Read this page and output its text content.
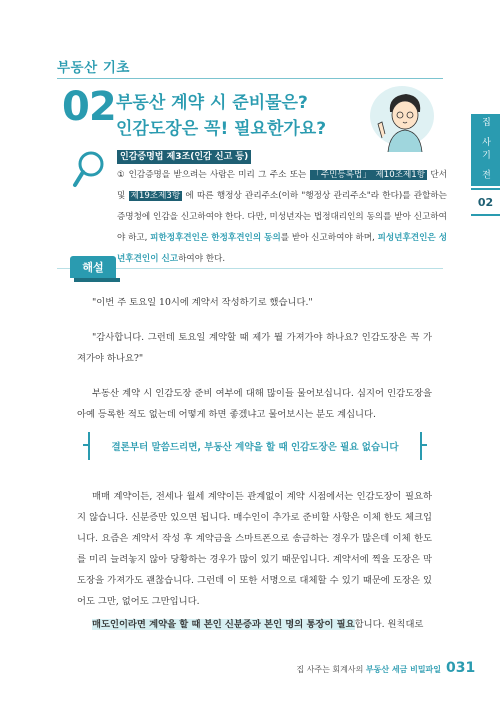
부동산 기초
02 부동산 계약 시 준비물은?
인감도장은 꼭! 필요한가요?
인감증명법 제3조(인감 신고 등)
① 인감증명을 받으려는 사람은 미리 그 주소 또는 「주민등록법」 제10조제1항 단서 및 제19조제3항 에 따른 행정상 관리주소(이하 "행정상 관리주소"라 한다)를 관할하는 증명청에 인감을 신고하여야 한다. 다만, 미성년자는 법정대리인의 동의를 받아 신고하여야 하고, 피한정후견인은 한정후견인의 동의를 받아 신고하여야 하며, 피성년후견인은 성년후견인이 신고하여야 한다.
집 사기 전
02
해설

"이번 주 토요일 10시에 계약서 작성하기로 했습니다."

"감사합니다. 그런데 토요일 계약할 때 제가 뭘 가져가야 하나요? 인감도장은 꼭 가져가야 하나요?"

부동산 계약 시 인감도장 준비 여부에 대해 많이들 물어보십니다. 심지어 인감도장을 아예 등록한 적도 없는데 어떻게 하면 좋겠냐고 물어보시는 분도 계십니다.

결론부터 말씀드리면, 부동산 계약을 할 때 인감도장은 필요 없습니다

매매 계약이든, 전세나 월세 계약이든 관계없이 계약 시점에서는 인감도장이 필요하지 않습니다. 신분증만 있으면 됩니다. 매수인이 추가로 준비할 사항은 이체 한도 체크입니다. 요즘은 계약서 작성 후 계약금을 스마트폰으로 송금하는 경우가 많은데 이체 한도를 미리 늘려놓지 않아 당황하는 경우가 많이 있기 때문입니다. 계약서에 찍을 도장은 막도장을 가져가도 괜찮습니다. 그런데 이 또한 서명으로 대체할 수 있기 때문에 도장은 있어도 그만, 없어도 그만입니다.

매도인이라면 계약을 할 때 본인 신분증과 본인 명의 통장이 필요합니다. 원칙대로

집 사주는 회계사의 부동산 세금 비밀파일 031
